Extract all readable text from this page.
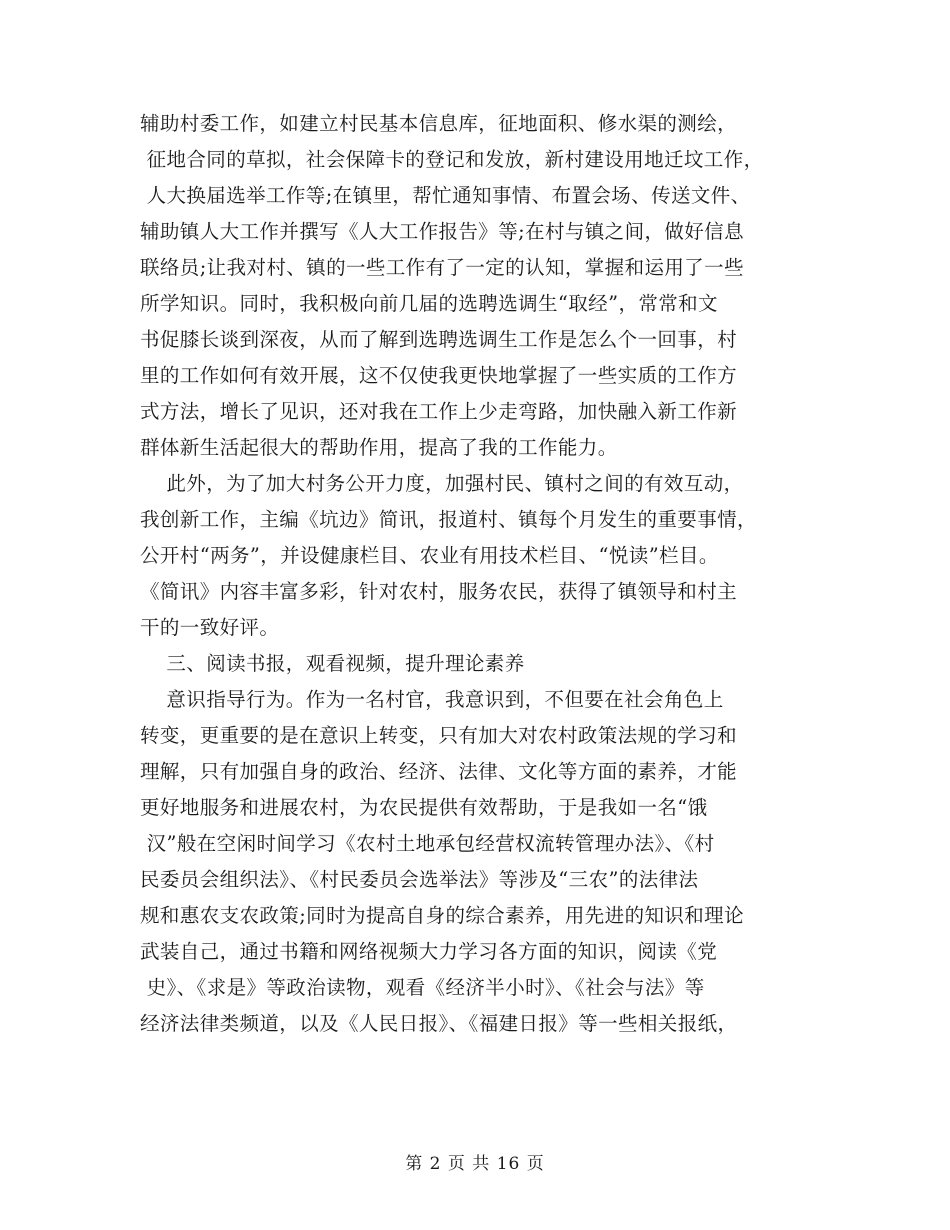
辅助村委工作，如建立村民基本信息库，征地面积、修水渠的测绘，
征地合同的草拟，社会保障卡的登记和发放，新村建设用地迁坟工作，
人大换届选举工作等;在镇里，帮忙通知事情、布置会场、传送文件、
辅助镇人大工作并撰写《人大工作报告》等;在村与镇之间，做好信息
联络员;让我对村、镇的一些工作有了一定的认知，掌握和运用了一些
所学知识。同时，我积极向前几届的选聘选调生“取经”，常常和文
书促膝长谈到深夜，从而了解到选聘选调生工作是怎么个一回事，村
里的工作如何有效开展，这不仅使我更快地掌握了一些实质的工作方
式方法，增长了见识，还对我在工作上少走弯路，加快融入新工作新
群体新生活起很大的帮助作用，提高了我的工作能力。
此外，为了加大村务公开力度，加强村民、镇村之间的有效互动，
我创新工作，主编《坑边》简讯，报道村、镇每个月发生的重要事情，
公开村“两务”，并设健康栏目、农业有用技术栏目、“悦读”栏目。
《简讯》内容丰富多彩，针对农村，服务农民，获得了镇领导和村主
干的一致好评。
三、阅读书报，观看视频，提升理论素养
意识指导行为。作为一名村官，我意识到，不但要在社会角色上
转变，更重要的是在意识上转变，只有加大对农村政策法规的学习和
理解，只有加强自身的政治、经济、法律、文化等方面的素养，才能
更好地服务和进展农村，为农民提供有效帮助，于是我如一名“饿
汉”般在空闲时间学习《农村土地承包经营权流转管理办法》、《村
民委员会组织法》、《村民委员会选举法》等涉及“三农”的法律法
规和惠农支农政策;同时为提高自身的综合素养，用先进的知识和理论
武装自己，通过书籍和网络视频大力学习各方面的知识，阅读《党
史》、《求是》等政治读物，观看《经济半小时》、《社会与法》等
经济法律类频道，以及《人民日报》、《福建日报》等一些相关报纸，
第 2 页 共 16 页
